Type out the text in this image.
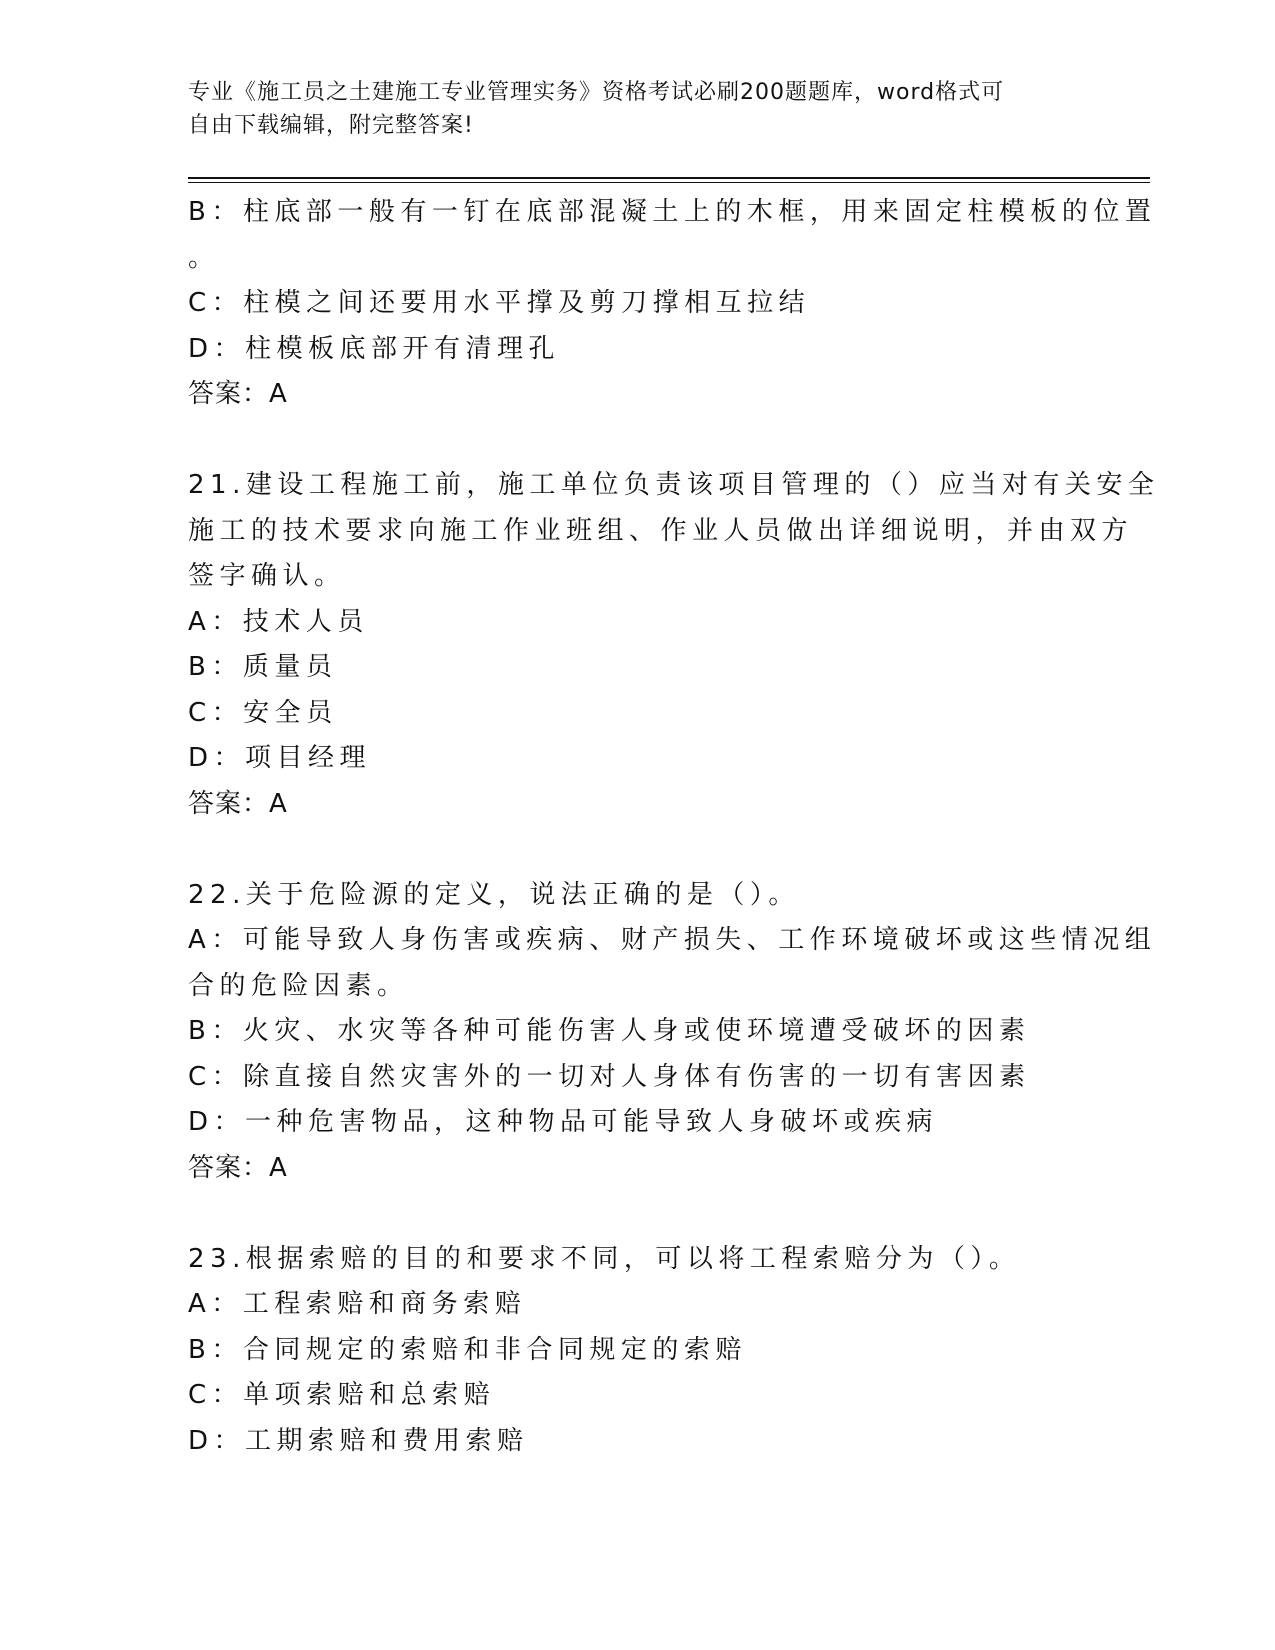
专业《施工员之土建施工专业管理实务》资格考试必刷200题题库，word格式可
自由下载编辑，附完整答案!
B：柱底部一般有一钉在底部混凝土上的木框，用来固定柱模板的位置
。
C：柱模之间还要用水平撑及剪刀撑相互拉结
D：柱模板底部开有清理孔
答案：A
21.建设工程施工前，施工单位负责该项目管理的（）应当对有关安全
施工的技术要求向施工作业班组、作业人员做出详细说明，并由双方
签字确认。
A：技术人员
B：质量员
C：安全员
D：项目经理
答案：A
22.关于危险源的定义，说法正确的是（）。
A：可能导致人身伤害或疾病、财产损失、工作环境破坏或这些情况组
合的危险因素。
B：火灾、水灾等各种可能伤害人身或使环境遭受破坏的因素
C：除直接自然灾害外的一切对人身体有伤害的一切有害因素
D：一种危害物品，这种物品可能导致人身破坏或疾病
答案：A
23.根据索赔的目的和要求不同，可以将工程索赔分为（）。
A：工程索赔和商务索赔
B：合同规定的索赔和非合同规定的索赔
C：单项索赔和总索赔
D：工期索赔和费用索赔
